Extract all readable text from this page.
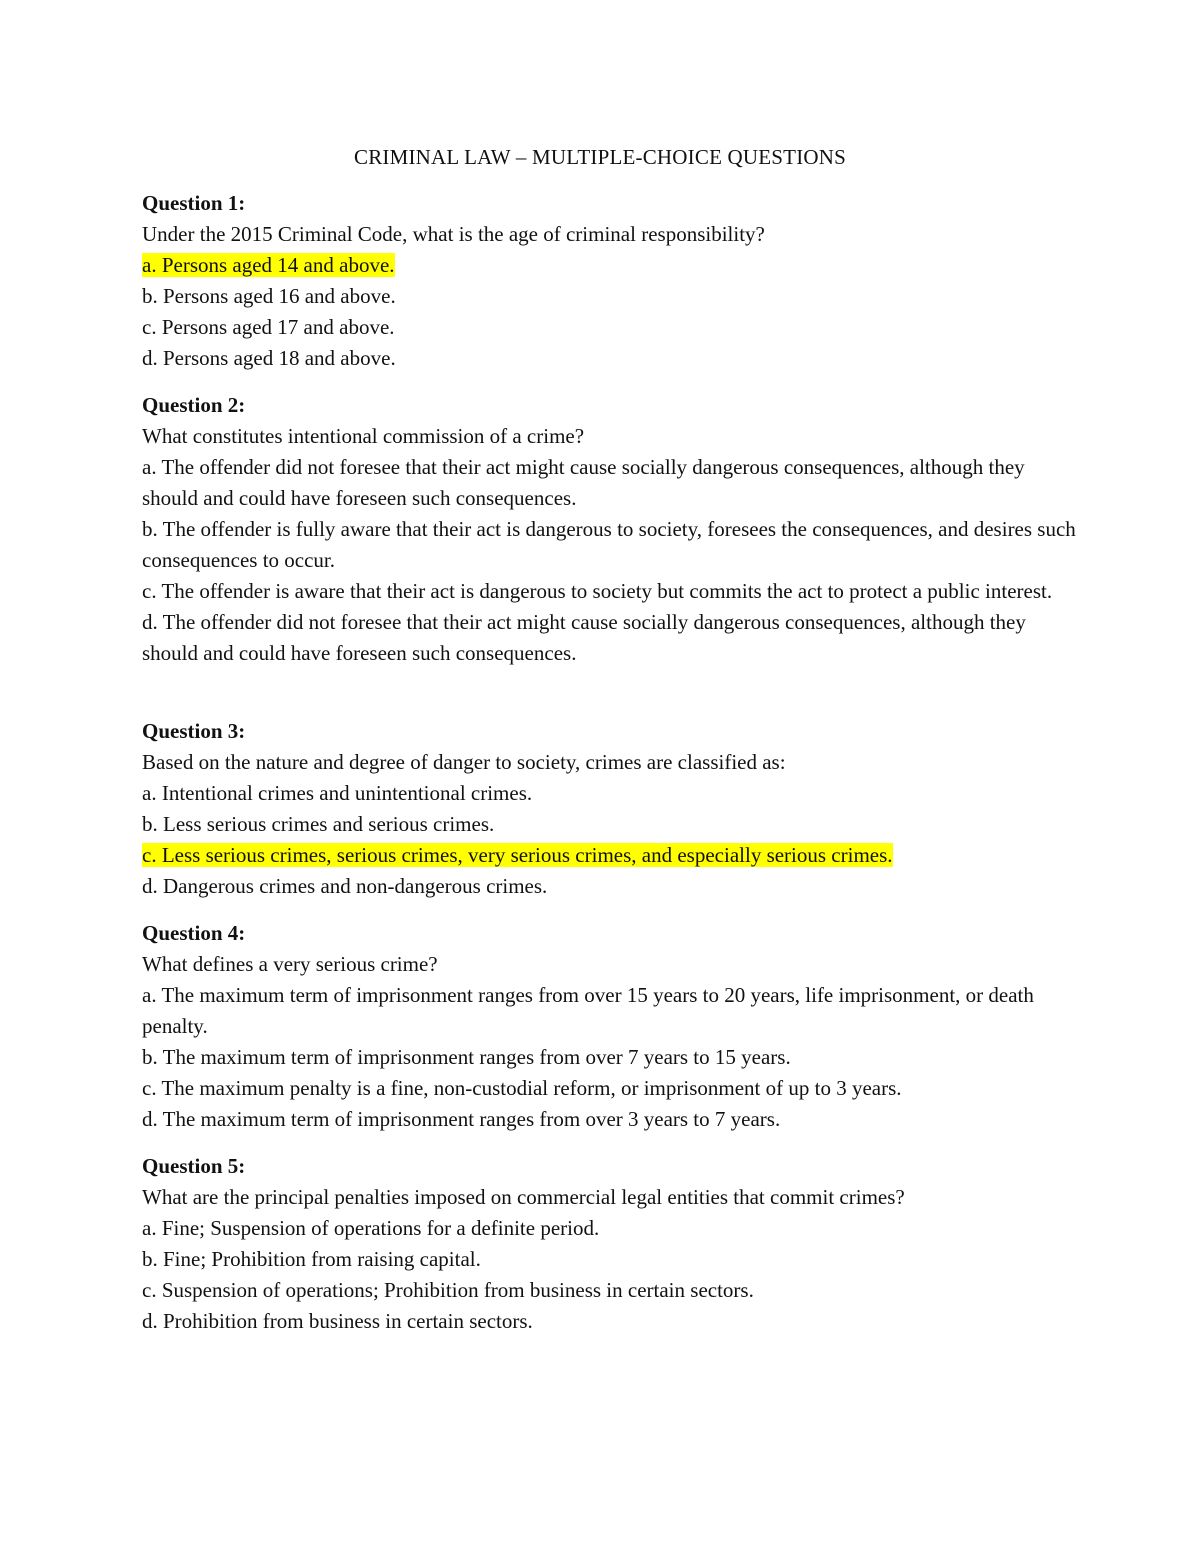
CRIMINAL LAW – MULTIPLE-CHOICE QUESTIONS
Question 1:
Under the 2015 Criminal Code, what is the age of criminal responsibility?
a. Persons aged 14 and above.
b. Persons aged 16 and above.
c. Persons aged 17 and above.
d. Persons aged 18 and above.
Question 2:
What constitutes intentional commission of a crime?
a. The offender did not foresee that their act might cause socially dangerous consequences, although they should and could have foreseen such consequences.
b. The offender is fully aware that their act is dangerous to society, foresees the consequences, and desires such consequences to occur.
c. The offender is aware that their act is dangerous to society but commits the act to protect a public interest.
d. The offender did not foresee that their act might cause socially dangerous consequences, although they should and could have foreseen such consequences.
Question 3:
Based on the nature and degree of danger to society, crimes are classified as:
a. Intentional crimes and unintentional crimes.
b. Less serious crimes and serious crimes.
c. Less serious crimes, serious crimes, very serious crimes, and especially serious crimes.
d. Dangerous crimes and non-dangerous crimes.
Question 4:
What defines a very serious crime?
a. The maximum term of imprisonment ranges from over 15 years to 20 years, life imprisonment, or death penalty.
b. The maximum term of imprisonment ranges from over 7 years to 15 years.
c. The maximum penalty is a fine, non-custodial reform, or imprisonment of up to 3 years.
d. The maximum term of imprisonment ranges from over 3 years to 7 years.
Question 5:
What are the principal penalties imposed on commercial legal entities that commit crimes?
a. Fine; Suspension of operations for a definite period.
b. Fine; Prohibition from raising capital.
c. Suspension of operations; Prohibition from business in certain sectors.
d. Prohibition from business in certain sectors.
